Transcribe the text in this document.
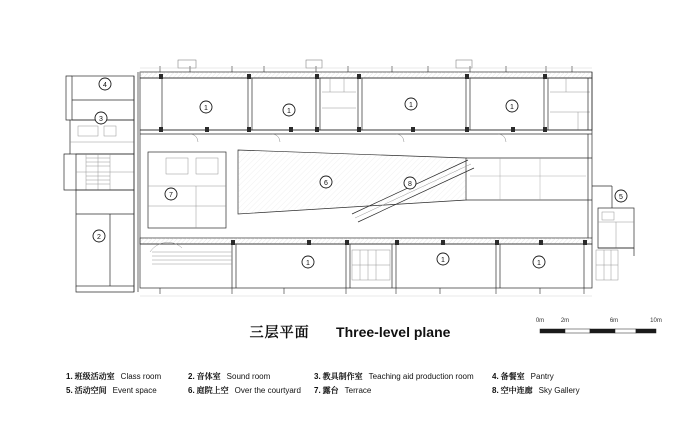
1	1
1	1
1	1	1
4
3
2
7
6	8
5
三层平面 Three-level plane
0m	2m	6m	10m
1. 班级活动室 Class room	2. 音体室 Sound room	3. 教具制作室 Teaching aid production room 4. 备餐室 Pantry
5. 活动空间 Event space	6. 庭院上空 Over the courtyard 7. 露台 Terrace	8. 空中连廊 Sky Gallery
